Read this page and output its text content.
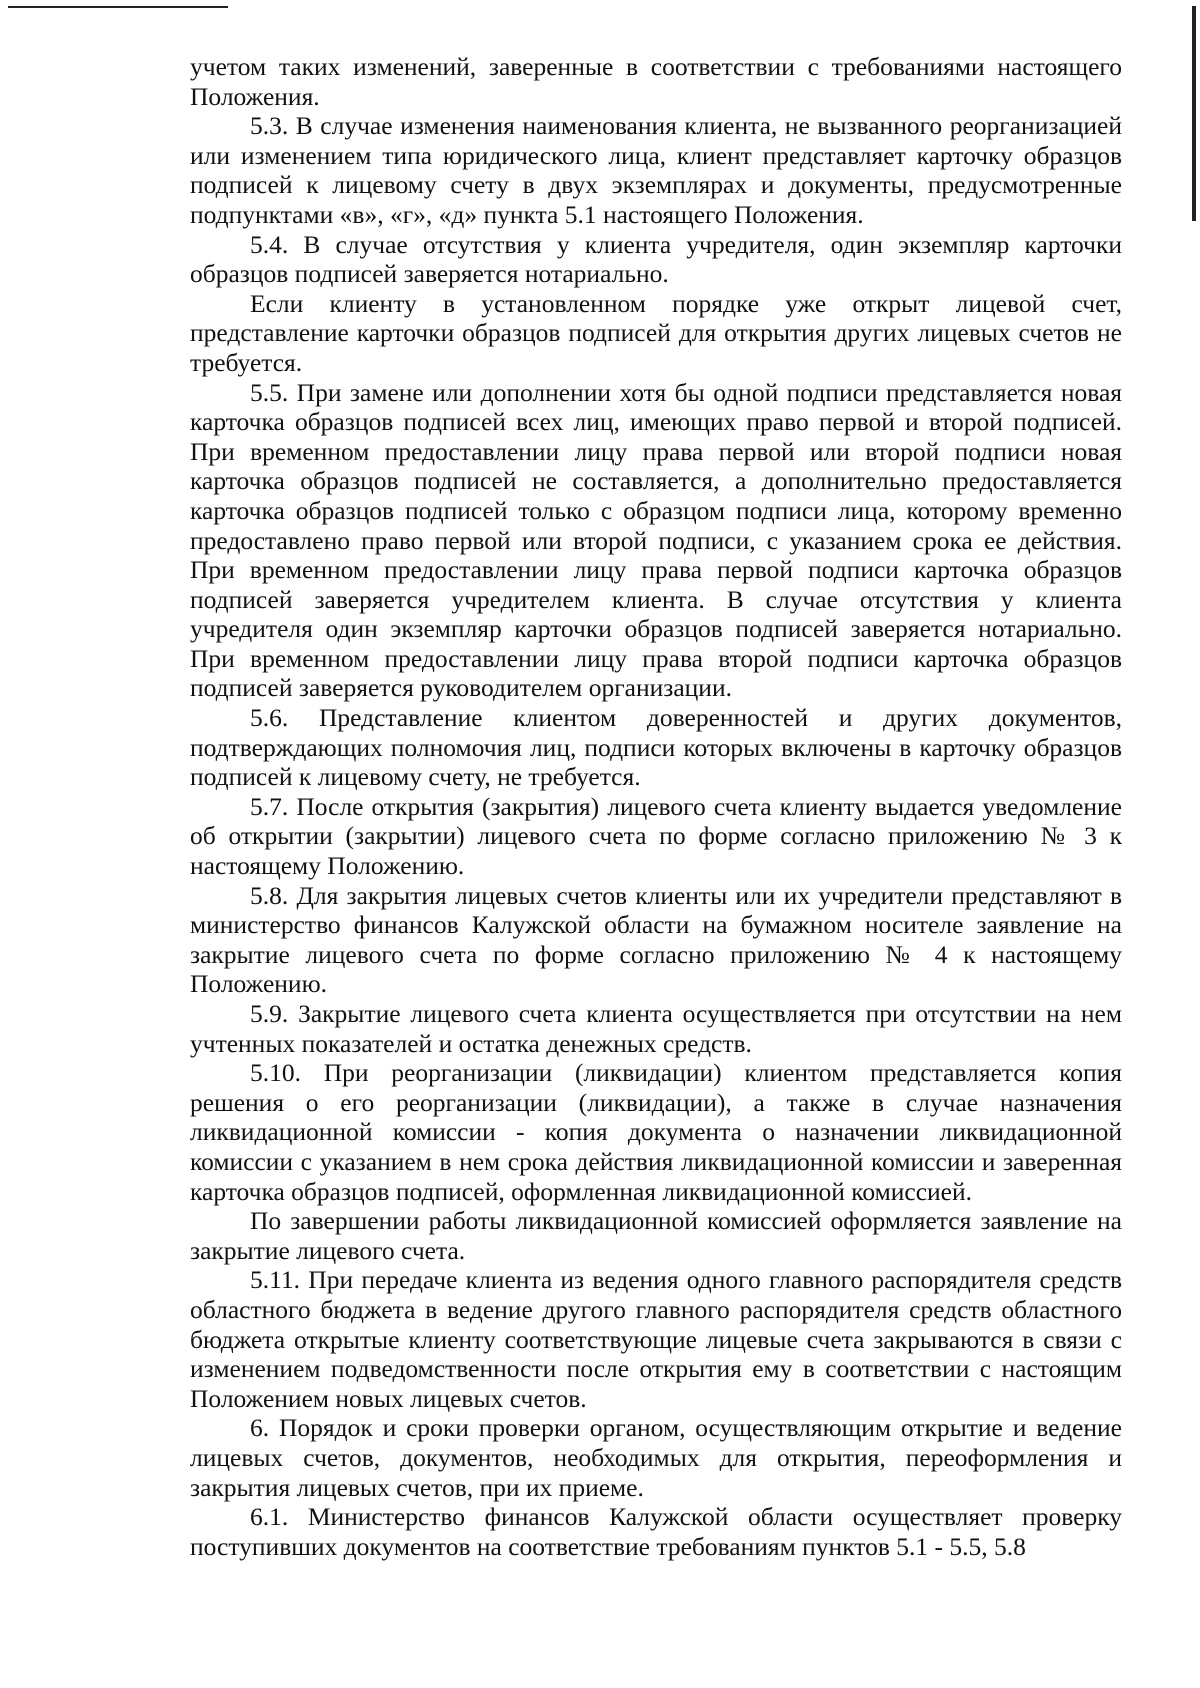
учетом таких изменений, заверенные в соответствии с требованиями настоящего Положения.

5.3. В случае изменения наименования клиента, не вызванного реорганизацией или изменением типа юридического лица, клиент представляет карточку образцов подписей к лицевому счету в двух экземплярах и документы, предусмотренные подпунктами «в», «г», «д» пункта 5.1 настоящего Положения.

5.4. В случае отсутствия у клиента учредителя, один экземпляр карточки образцов подписей заверяется нотариально.

Если клиенту в установленном порядке уже открыт лицевой счет, представление карточки образцов подписей для открытия других лицевых счетов не требуется.

5.5. При замене или дополнении хотя бы одной подписи представляется новая карточка образцов подписей всех лиц, имеющих право первой и второй подписей. При временном предоставлении лицу права первой или второй подписи новая карточка образцов подписей не составляется, а дополнительно предоставляется карточка образцов подписей только с образцом подписи лица, которому временно предоставлено право первой или второй подписи, с указанием срока ее действия. При временном предоставлении лицу права первой подписи карточка образцов подписей заверяется учредителем клиента. В случае отсутствия у клиента учредителя один экземпляр карточки образцов подписей заверяется нотариально. При временном предоставлении лицу права второй подписи карточка образцов подписей заверяется руководителем организации.

5.6. Представление клиентом доверенностей и других документов, подтверждающих полномочия лиц, подписи которых включены в карточку образцов подписей к лицевому счету, не требуется.

5.7. После открытия (закрытия) лицевого счета клиенту выдается уведомление об открытии (закрытии) лицевого счета по форме согласно приложению № 3 к настоящему Положению.

5.8. Для закрытия лицевых счетов клиенты или их учредители представляют в министерство финансов Калужской области на бумажном носителе заявление на закрытие лицевого счета по форме согласно приложению № 4 к настоящему Положению.

5.9. Закрытие лицевого счета клиента осуществляется при отсутствии на нем учтенных показателей и остатка денежных средств.

5.10. При реорганизации (ликвидации) клиентом представляется копия решения о его реорганизации (ликвидации), а также в случае назначения ликвидационной комиссии - копия документа о назначении ликвидационной комиссии с указанием в нем срока действия ликвидационной комиссии и заверенная карточка образцов подписей, оформленная ликвидационной комиссией.

По завершении работы ликвидационной комиссией оформляется заявление на закрытие лицевого счета.

5.11. При передаче клиента из ведения одного главного распорядителя средств областного бюджета в ведение другого главного распорядителя средств областного бюджета открытые клиенту соответствующие лицевые счета закрываются в связи с изменением подведомственности после открытия ему в соответствии с настоящим Положением новых лицевых счетов.

6. Порядок и сроки проверки органом, осуществляющим открытие и ведение лицевых счетов, документов, необходимых для открытия, переоформления и закрытия лицевых счетов, при их приеме.

6.1. Министерство финансов Калужской области осуществляет проверку поступивших документов на соответствие требованиям пунктов 5.1 - 5.5, 5.8
